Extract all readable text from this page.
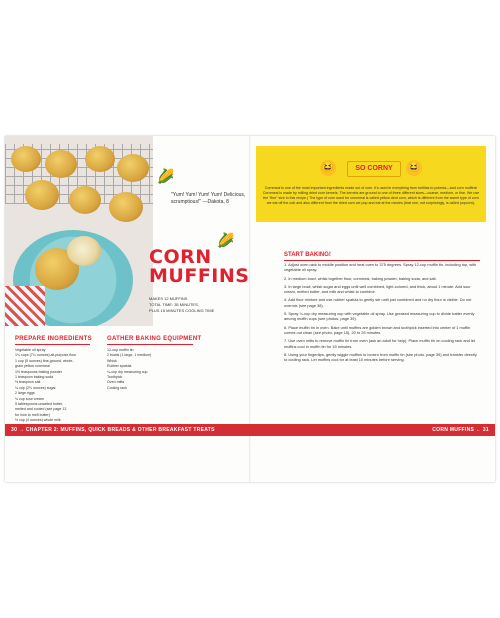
🌽
🌽
"Yum! Yum! Yum! Yum! Delicious, scrumptious!" —Dakota, 8
CORN
MUFFINS
MAKES 12 MUFFINS
TOTAL TIME: 35 MINUTES,
PLUS 15 MINUTES COOLING TIME
PREPARE INGREDIENTS
Vegetable oil spray
1¼ cups (7¼ ounces) all-purpose flour
1 cup (5 ounces) fine-ground, whole-
grain yellow cornmeal
1½ teaspoons baking powder
1 teaspoon baking soda
½ teaspoon salt
¾ cup (2⅓ ounces) sugar
2 large eggs
¾ cup sour cream
5 tablespoons unsalted butter,
melted and cooled (see page 13
for how to melt butter)
½ cup (4 ounces) whole milk
GATHER BAKING EQUIPMENT
12-cup muffin tin
2 bowls (1 large, 1 medium)
Whisk
Rubber spatula
¼-cup dry measuring cup
Toothpick
Oven mitts
Cooling rack
😆	SO CORNY	😆
Cornmeal is one of the most important ingredients made out of corn. It's used in everything from tortillas to polenta—and corn muffins! Cornmeal is made by milling dried corn kernels. The kernels are ground to one of three different sizes—coarse, medium, or fine. We use the "fine" size in this recipe.) The type of corn used for cornmeal is called yellow dent corn, which is different from the sweet type of corn we eat off the cob and also different from the dried corn we pop and eat at the movies (that one, not surprisingly, is called popcorn).
START BAKING!
1. Adjust oven rack to middle position and heat oven to 375 degrees. Spray 12-cup muffin tin, including top, with vegetable oil spray.
2. In medium bowl, whisk together flour, cornmeal, baking powder, baking soda, and salt.
3. In large bowl, whisk sugar and eggs until well combined, light-colored, and thick, about 1 minute. Add sour cream, melted butter, and milk and whisk to combine.
4. Add flour mixture and use rubber spatula to gently stir until just combined and no dry flour is visible. Do not overmix (see page 38).
5. Spray ¼-cup dry measuring cup with vegetable oil spray. Use greased measuring cup to divide batter evenly among muffin cups (see photos, page 39).
6. Place muffin tin in oven. Bake until muffins are golden brown and toothpick inserted into center of 1 muffin comes out clean (see photo, page 15), 20 to 25 minutes.
7. Use oven mitts to remove muffin tin from oven (ask an adult for help). Place muffin tin on cooling rack and let muffins cool in muffin tin for 15 minutes.
8. Using your fingertips, gently wiggle muffins to loosen from muffin tin (see photo, page 39) and transfer directly to cooling rack. Let muffins cool for at least 10 minutes before serving.
30 → CHAPTER 2: MUFFINS, QUICK BREADS & OTHER BREAKFAST TREATS	CORN MUFFINS ← 31
